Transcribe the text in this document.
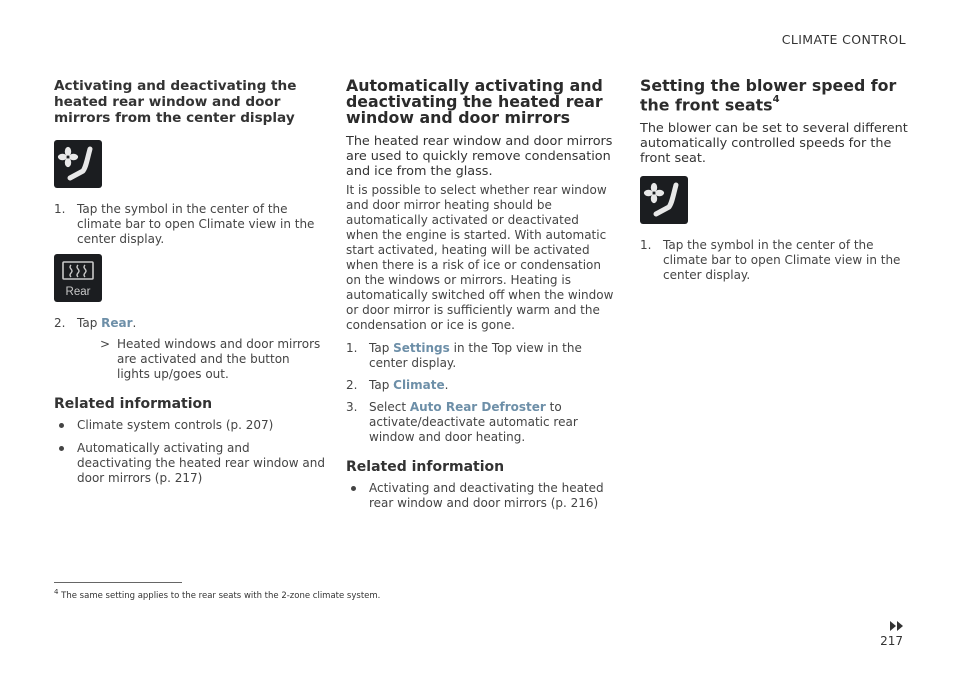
CLIMATE CONTROL
Activating and deactivating the heated rear window and door mirrors from the center display
1. Tap the symbol in the center of the climate bar to open Climate view in the center display.
Rear
2. Tap Rear.
> Heated windows and door mirrors are activated and the button lights up/goes out.
Related information
Climate system controls (p. 207)
Automatically activating and deactivating the heated rear window and door mirrors (p. 217)
Automatically activating and deactivating the heated rear window and door mirrors
The heated rear window and door mirrors are used to quickly remove condensation and ice from the glass.
It is possible to select whether rear window and door mirror heating should be automatically activated or deactivated when the engine is started. With automatic start activated, heating will be activated when there is a risk of ice or condensation on the windows or mirrors. Heating is automatically switched off when the window or door mirror is sufficiently warm and the condensation or ice is gone.
1. Tap Settings in the Top view in the center display.
2. Tap Climate.
3. Select Auto Rear Defroster to activate/deactivate automatic rear window and door heating.
Related information
Activating and deactivating the heated rear window and door mirrors (p. 216)
Setting the blower speed for the front seats$^4$
The blower can be set to several different automatically controlled speeds for the front seat.
1. Tap the symbol in the center of the climate bar to open Climate view in the center display.
$^4$ The same setting applies to the rear seats with the 2-zone climate system.
217
